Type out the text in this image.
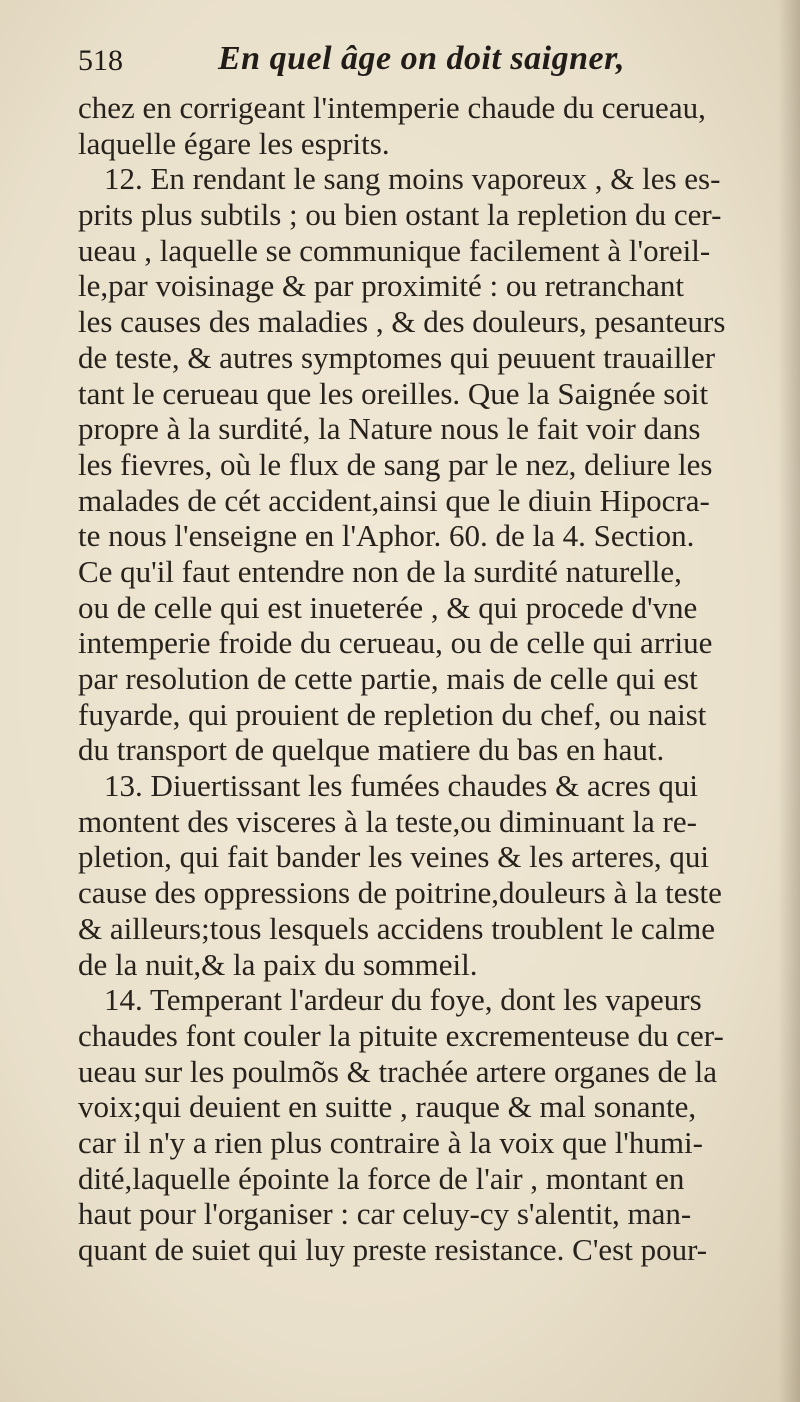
518	En quel âge on doit saigner,
chez en corrigeant l'intemperie chaude du cerueau,
laquelle égare les esprits.
12. En rendant le sang moins vaporeux , & les es-
prits plus subtils ; ou bien ostant la repletion du cer-
ueau , laquelle se communique facilement à l'oreil-
le,par voisinage & par proximité : ou retranchant
les causes des maladies , & des douleurs, pesanteurs
de teste, & autres symptomes qui peuuent trauailler
tant le cerueau que les oreilles. Que la Saignée soit
propre à la surdité, la Nature nous le fait voir dans
les fievres, où le flux de sang par le nez, deliure les
malades de cét accident,ainsi que le diuin Hipocra-
te nous l'enseigne en l'Aphor. 60. de la 4. Section.
Ce qu'il faut entendre non de la surdité naturelle,
ou de celle qui est inueterée , & qui procede d'vne
intemperie froide du cerueau, ou de celle qui arriue
par resolution de cette partie, mais de celle qui est
fuyarde, qui prouient de repletion du chef, ou naist
du transport de quelque matiere du bas en haut.
13. Diuertissant les fumées chaudes & acres qui
montent des visceres à la teste,ou diminuant la re-
pletion, qui fait bander les veines & les arteres, qui
cause des oppressions de poitrine,douleurs à la teste
& ailleurs;tous lesquels accidens troublent le calme
de la nuit,& la paix du sommeil.
14. Temperant l'ardeur du foye, dont les vapeurs
chaudes font couler la pituite excrementeuse du cer-
ueau sur les poulmõs & trachée artere organes de la
voix;qui deuient en suitte , rauque & mal sonante,
car il n'y a rien plus contraire à la voix que l'humi-
dité,laquelle épointe la force de l'air , montant en
haut pour l'organiser : car celuy-cy s'alentit, man-
quant de suiet qui luy preste resistance. C'est pour-
